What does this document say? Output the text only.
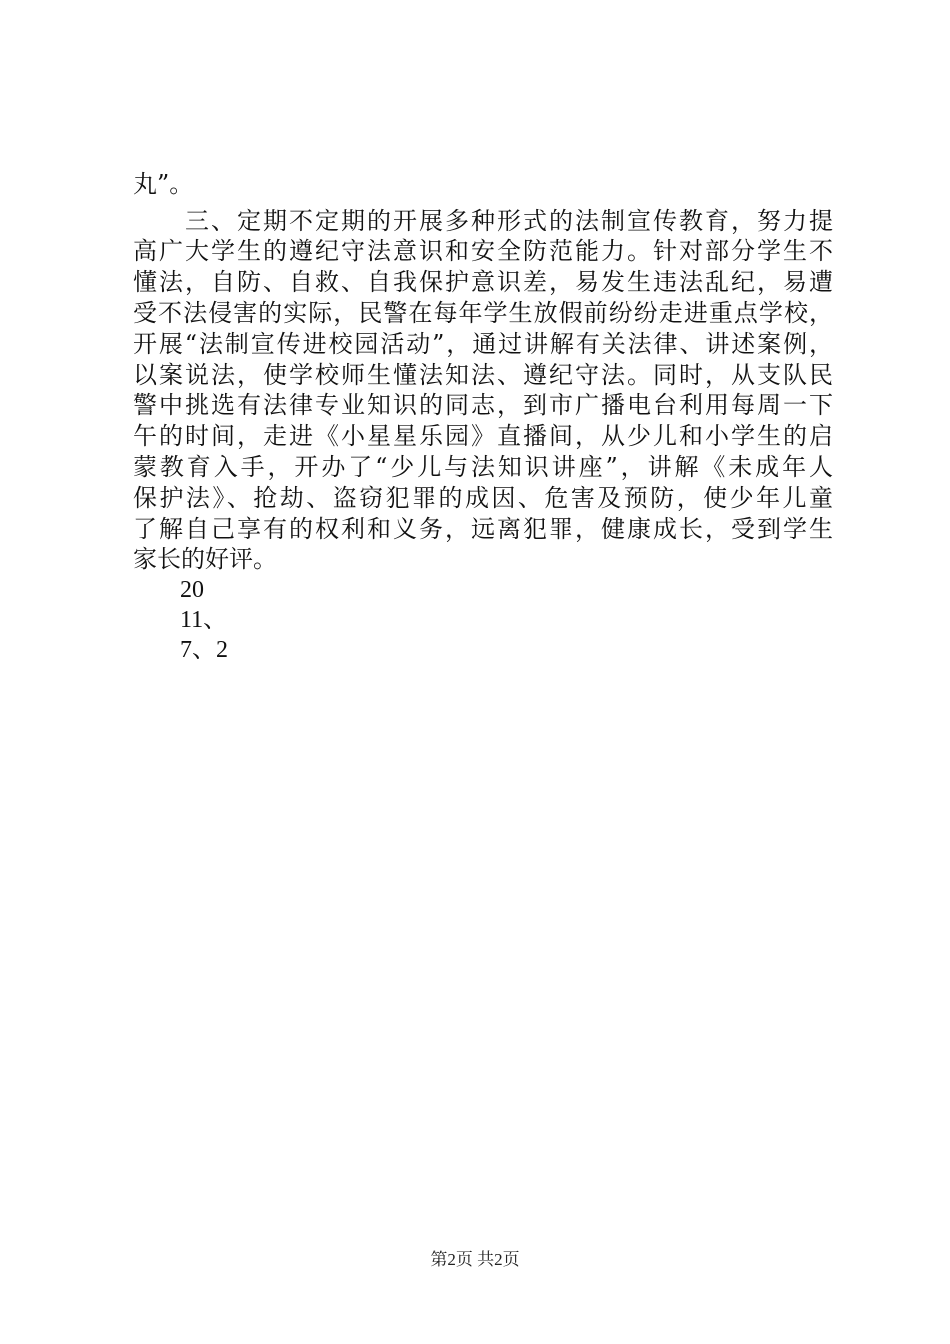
丸”。
　　三、定期不定期的开展多种形式的法制宣传教育，努力提
高广大学生的遵纪守法意识和安全防范能力。针对部分学生不
懂法，自防、自救、自我保护意识差，易发生违法乱纪，易遭
受不法侵害的实际，民警在每年学生放假前纷纷走进重点学校，
开展“法制宣传进校园活动”，通过讲解有关法律、讲述案例，
以案说法，使学校师生懂法知法、遵纪守法。同时，从支队民
警中挑选有法律专业知识的同志，到市广播电台利用每周一下
午的时间，走进《小星星乐园》直播间，从少儿和小学生的启
蒙教育入手，开办了“少儿与法知识讲座”，讲解《未成年人
保护法》、抢劫、盗窃犯罪的成因、危害及预防，使少年儿童
了解自己享有的权利和义务，远离犯罪，健康成长，受到学生
家长的好评。
20
11、
7、2
第2页 共2页
